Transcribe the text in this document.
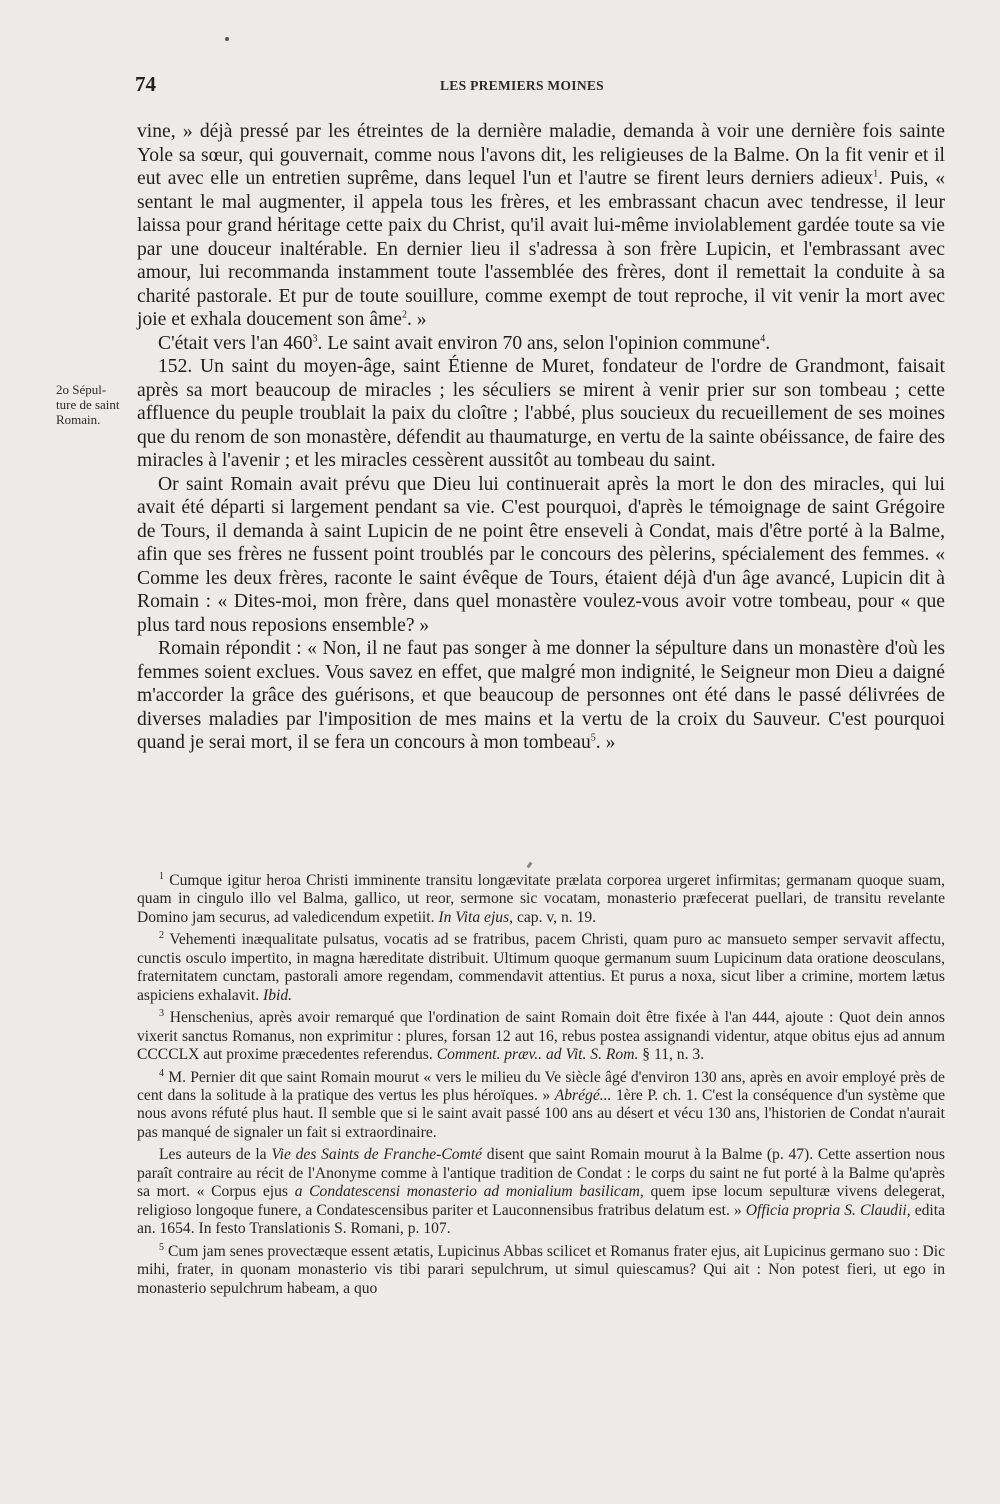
74	LES PREMIERS MOINES
2o Sépul-
ture de saint
Romain.

vine, » déjà pressé par les étreintes de la dernière maladie, demanda à voir une dernière fois sainte Yole sa sœur, qui gouvernait, comme nous l'avons dit, les religieuses de la Balme. On la fit venir et il eut avec elle un entretien suprême, dans lequel l'un et l'autre se firent leurs derniers adieux$^1$. Puis, « sentant le mal augmenter, il appela tous les frères, et les embrassant chacun avec tendresse, il leur laissa pour grand héritage cette paix du Christ, qu'il avait lui-même inviolablement gardée toute sa vie par une douceur inaltérable. En dernier lieu il s'adressa à son frère Lupicin, et l'embrassant avec amour, lui recommanda instamment toute l'assemblée des frères, dont il remettait la conduite à sa charité pastorale. Et pur de toute souillure, comme exempt de tout reproche, il vit venir la mort avec joie et exhala doucement son âme$^2$. »

C'était vers l'an $460^3$. Le saint avait environ 70 ans, selon l'opinion commune$^4$.

152. Un saint du moyen-âge, saint Étienne de Muret, fondateur de l'ordre de Grandmont, faisait après sa mort beaucoup de miracles ; les séculiers se mirent à venir prier sur son tombeau ; cette affluence du peuple troublait la paix du cloître ; l'abbé, plus soucieux du recueillement de ses moines que du renom de son monastère, défendit au thaumaturge, en vertu de la sainte obéissance, de faire des miracles à l'avenir ; et les miracles cessèrent aussitôt au tombeau du saint.

Or saint Romain avait prévu que Dieu lui continuerait après la mort le don des miracles, qui lui avait été départi si largement pendant sa vie. C'est pourquoi, d'après le témoignage de saint Grégoire de Tours, il demanda à saint Lupicin de ne point être enseveli à Condat, mais d'être porté à la Balme, afin que ses frères ne fussent point troublés par le concours des pèlerins, spécialement des femmes. « Comme les deux frères, raconte le saint évêque de Tours, étaient déjà d'un âge avancé, Lupicin dit à Romain : « Dites-moi, mon frère, dans quel monastère voulez-vous avoir votre tombeau, pour « que plus tard nous reposions ensemble? »

Romain répondit : « Non, il ne faut pas songer à me donner la sépulture dans un monastère d'où les femmes soient exclues. Vous savez en effet, que malgré mon indignité, le Seigneur mon Dieu a daigné m'accorder la grâce des guérisons, et que beaucoup de personnes ont été dans le passé délivrées de diverses maladies par l'imposition de mes mains et la vertu de la croix du Sauveur. C'est pourquoi quand je serai mort, il se fera un concours à mon tombeau$^5$. »

$^1$ Cumque igitur heroa Christi imminente transitu longævitate prælata corporea urgeret infirmitas; germanam quoque suam, quam in cingulo illo vel Balma, gallico, ut reor, sermone sic vocatam, monasterio præfecerat puellari, de transitu revelante Domino jam securus, ad valedicendum expetiit. In Vita ejus, cap. v, n. 19.

$^2$ Vehementi inæqualitate pulsatus, vocatis ad se fratribus, pacem Christi, quam puro ac mansueto semper servavit affectu, cunctis osculo impertito, in magna hæreditate distribuit. Ultimum quoque germanum suum Lupicinum data oratione deosculans, fraternitatem cunctam, pastorali amore regendam, commendavit attentius. Et purus a noxa, sicut liber a crimine, mortem lætus aspiciens exhalavit. Ibid.

$^3$ Henschenius, après avoir remarqué que l'ordination de saint Romain doit être fixée à l'an 444, ajoute : Quot dein annos vixerit sanctus Romanus, non exprimitur : plures, forsan 12 aut 16, rebus postea assignandi videntur, atque obitus ejus ad annum CCCCLX aut proxime præcedentes referendus. Comment. præv.. ad Vit. S. Rom. § 11, n. 3.

$^4$ M. Pernier dit que saint Romain mourut « vers le milieu du Ve siècle âgé d'environ 130 ans, après en avoir employé près de cent dans la solitude à la pratique des vertus les plus héroïques. » Abrégé... 1ère P. ch. 1. C'est la conséquence d'un système que nous avons réfuté plus haut. Il semble que si le saint avait passé 100 ans au désert et vécu 130 ans, l'historien de Condat n'aurait pas manqué de signaler un fait si extraordinaire.

Les auteurs de la Vie des Saints de Franche-Comté disent que saint Romain mourut à la Balme (p. 47). Cette assertion nous paraît contraire au récit de l'Anonyme comme à l'antique tradition de Condat : le corps du saint ne fut porté à la Balme qu'après sa mort. « Corpus ejus a Condatescensi monasterio ad monialium basilicam, quem ipse locum sepulturæ vivens delegerat, religioso longoque funere, a Condatescensibus pariter et Lauconnensibus fratribus delatum est. » Officia propria S. Claudii, edita an. 1654. In festo Translationis S. Romani, p. 107.

$^5$ Cum jam senes provectæque essent ætatis, Lupicinus Abbas scilicet et Romanus frater ejus, ait Lupicinus germano suo : Dic mihi, frater, in quonam monasterio vis tibi parari sepulchrum, ut simul quiescamus? Qui ait : Non potest fieri, ut ego in monasterio sepulchrum habeam, a quo
